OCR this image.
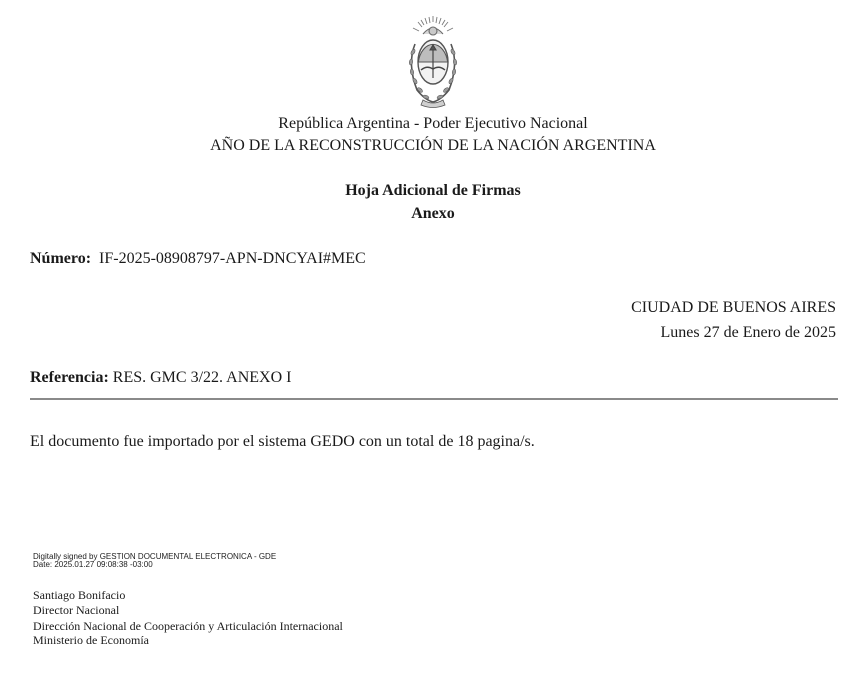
República Argentina - Poder Ejecutivo Nacional
AÑO DE LA RECONSTRUCCIÓN DE LA NACIÓN ARGENTINA
Hoja Adicional de Firmas
Anexo
Número: IF-2025-08908797-APN-DNCYAI#MEC
CIUDAD DE BUENOS AIRES
Lunes 27 de Enero de 2025
Referencia: RES. GMC 3/22. ANEXO I
El documento fue importado por el sistema GEDO con un total de 18 pagina/s.
Digitally signed by GESTION DOCUMENTAL ELECTRONICA - GDE
Date: 2025.01.27 09:08:38 -03:00
Santiago Bonifacio
Director Nacional
Dirección Nacional de Cooperación y Articulación Internacional
Ministerio de Economía
